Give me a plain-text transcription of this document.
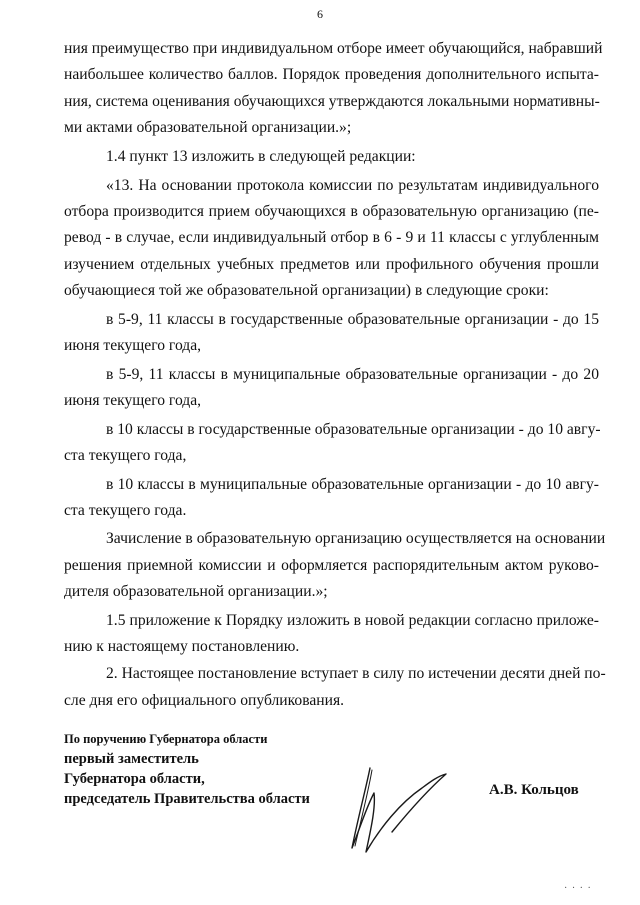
6
ния преимущество при индивидуальном отборе имеет обучающийся, набравший
наибольшее количество баллов. Порядок проведения дополнительного испыта-
ния, система оценивания обучающихся утверждаются локальными нормативны-
ми актами образовательной организации.»;
1.4 пункт 13 изложить в следующей редакции:
«13. На основании протокола комиссии по результатам индивидуального
отбора производится прием обучающихся в образовательную организацию (пе-
ревод - в случае, если индивидуальный отбор в 6 - 9 и 11 классы с углубленным
изучением отдельных учебных предметов или профильного обучения прошли
обучающиеся той же образовательной организации) в следующие сроки:
в 5-9, 11 классы в государственные образовательные организации - до 15
июня текущего года,
в 5-9, 11 классы в муниципальные образовательные организации - до 20
июня текущего года,
в 10 классы в государственные образовательные организации - до 10 авгу-
ста текущего года,
в 10 классы в муниципальные образовательные организации - до 10 авгу-
ста текущего года.
Зачисление в образовательную организацию осуществляется на основании
решения приемной комиссии и оформляется распорядительным актом руково-
дителя образовательной организации.»;
1.5 приложение к Порядку изложить в новой редакции согласно приложе-
нию к настоящему постановлению.
2. Настоящее постановление вступает в силу по истечении десяти дней по-
сле дня его официального опубликования.
По поручению Губернатора области
первый заместитель
Губернатора области,
председатель Правительства области
А.В. Кольцов
· · · ·
